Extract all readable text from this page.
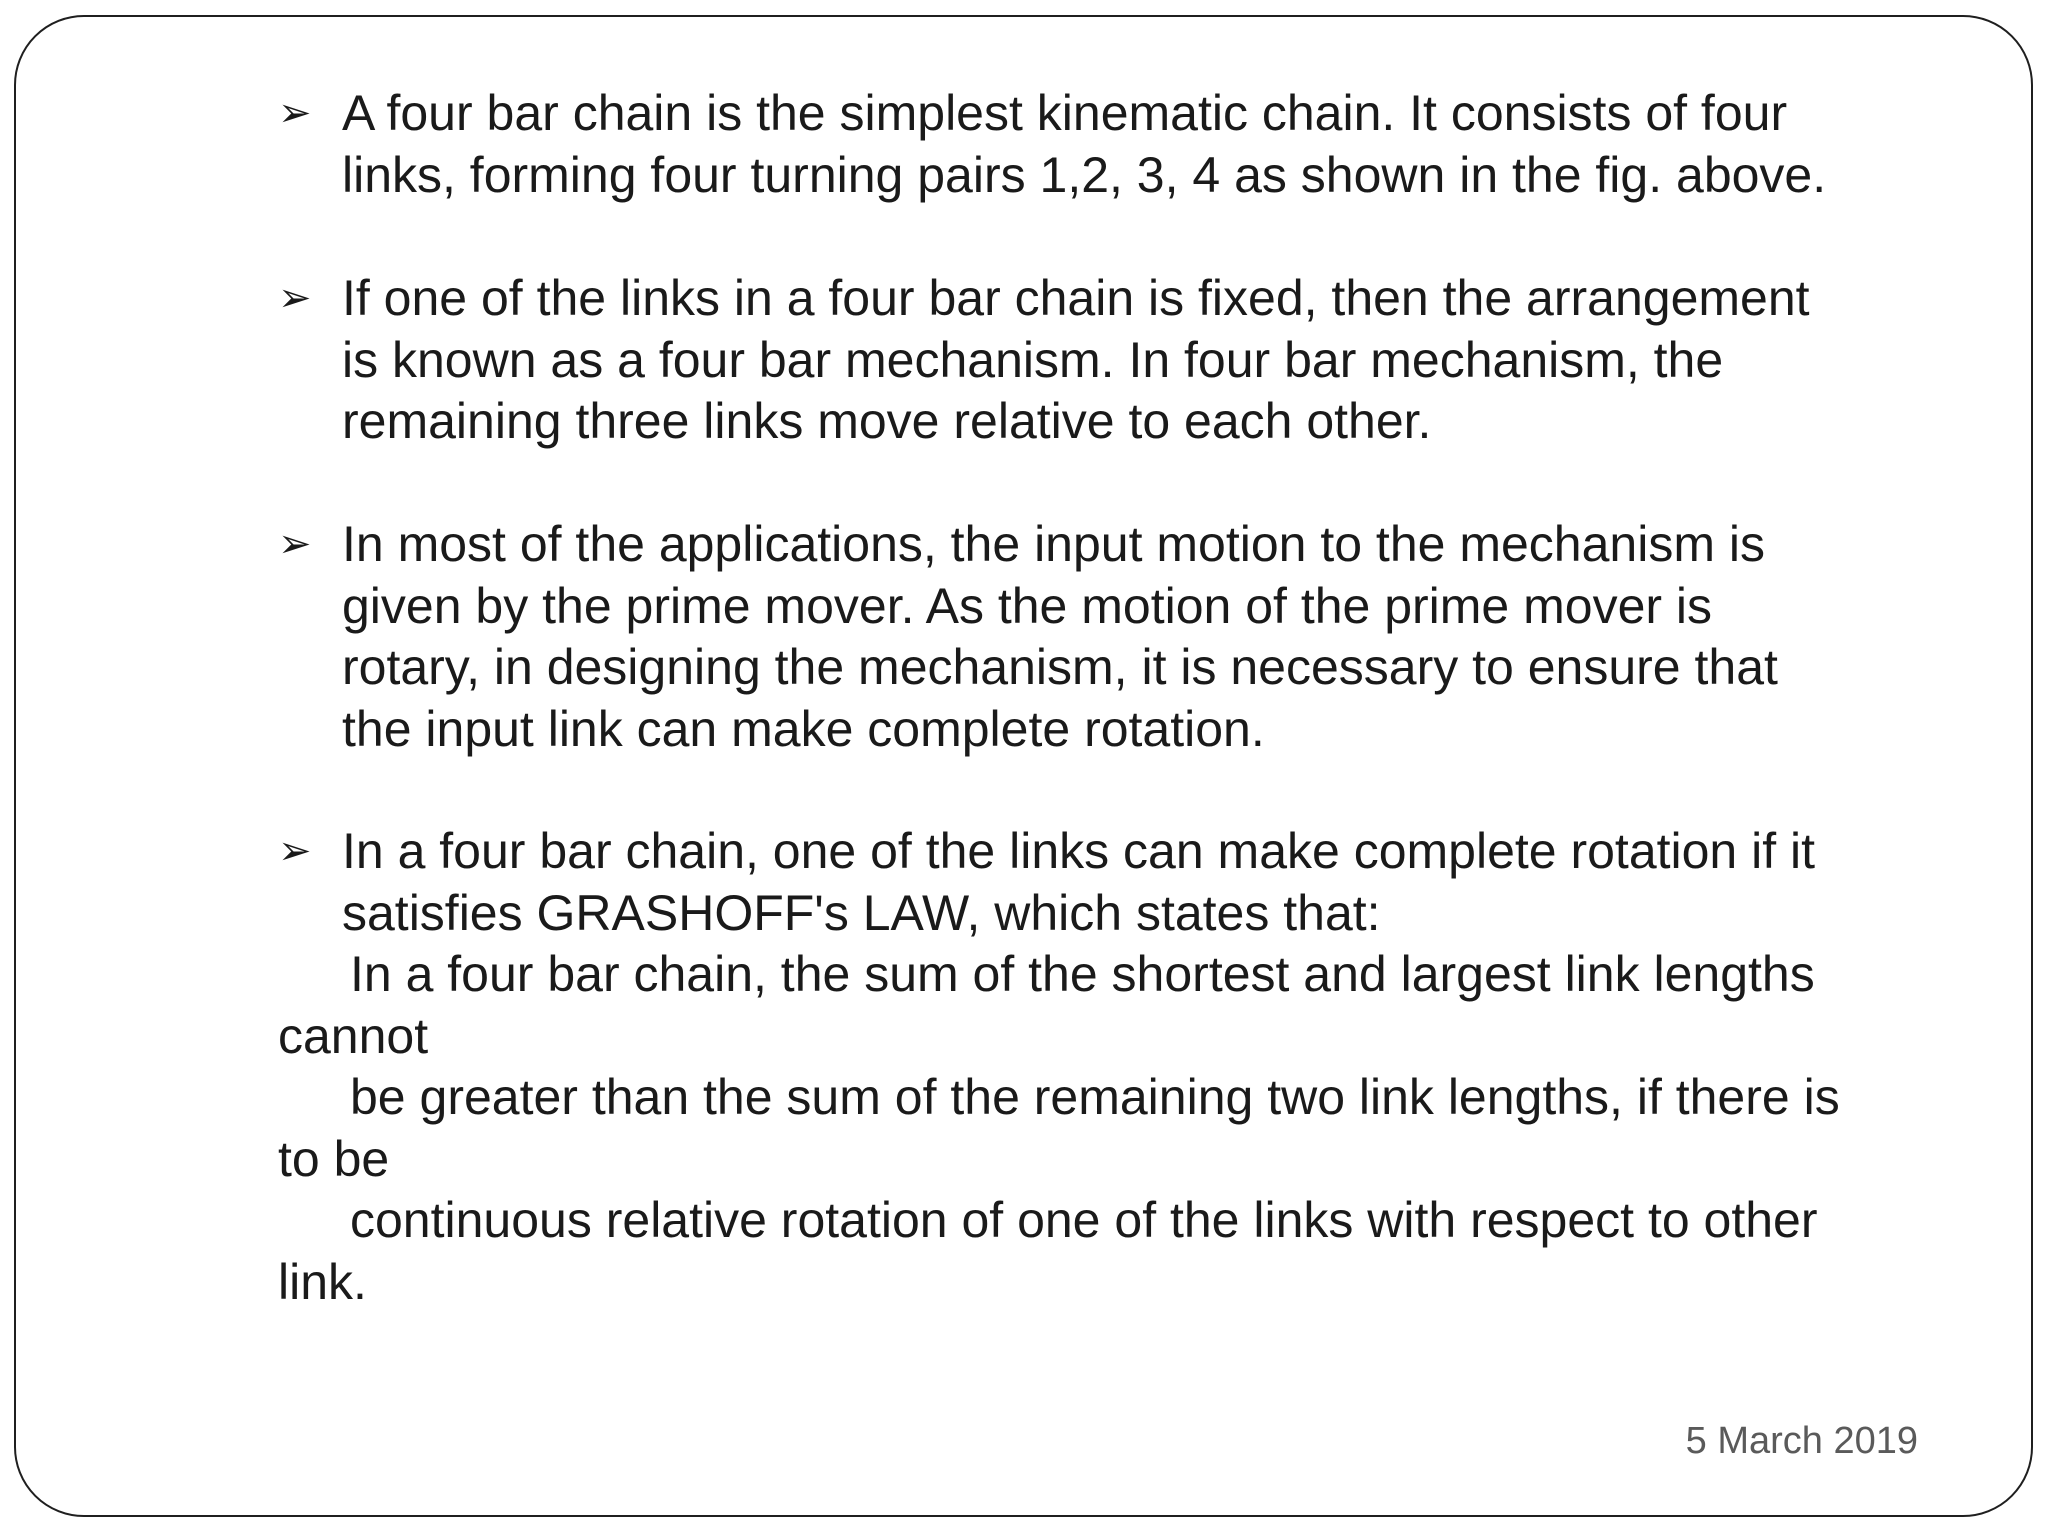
➢ A four bar chain is the simplest kinematic chain. It consists of four
links, forming four turning pairs 1,2, 3, 4 as shown in the fig. above.
➢ If one of the links in a four bar chain is fixed, then the arrangement
is known as a four bar mechanism. In four bar mechanism, the
remaining three links move relative to each other.
➢ In most of the applications, the input motion to the mechanism is
given by the prime mover. As the motion of the prime mover is
rotary, in designing the mechanism, it is necessary to ensure that
the input link can make complete rotation.
➢ In a four bar chain, one of the links can make complete rotation if it
satisfies GRASHOFF's LAW, which states that:
In a four bar chain, the sum of the shortest and largest link lengths
cannot
be greater than the sum of the remaining two link lengths, if there is
to be
continuous relative rotation of one of the links with respect to other
link.
5 March 2019
